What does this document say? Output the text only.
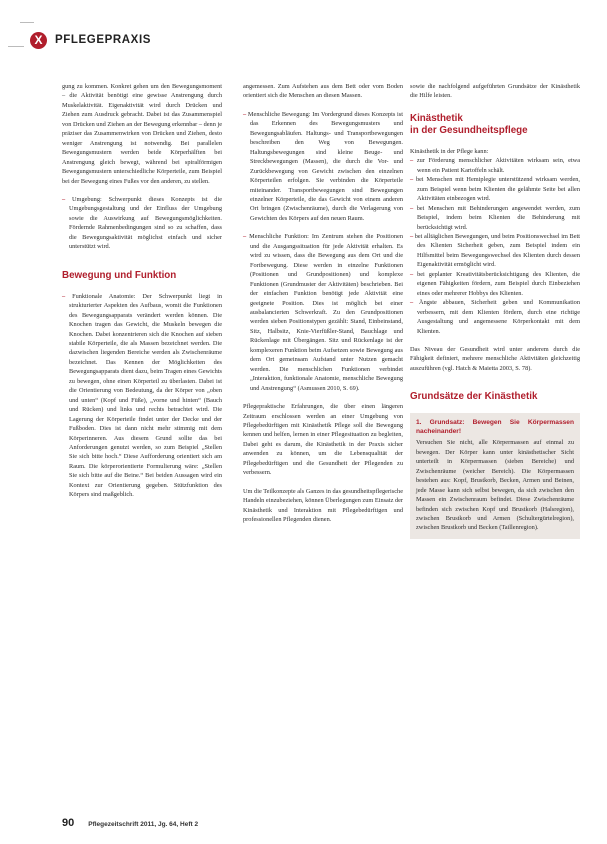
X	PFLEGEPRAXIS

gung zu kommen. Konkret gehen um den Bewegungsmoment – die Aktivität benötigt eine gewisse Anstrengung durch Muskelaktivität. Eigenaktivität wird durch Drücken und Ziehen zum Ausdruck gebracht. Dabei ist das Zusammenspiel von Drücken und Ziehen an der Bewegung erkennbar – denn je präziser das Zusammenwirken von Drücken und Ziehen, desto weniger Anstrengung ist notwendig. Bei parallelen Bewegungsmustern werden beide Körperhälften bei Anstrengung gleich bewegt, während bei spiralförmigen Bewegungsmustern unterschiedliche Körperteile, zum Beispiel bei der Bewegung eines Fußes vor den anderen, zu stellen.

– Umgebung: Schwerpunkt dieses Konzepts ist die Umgebungsgestaltung und der Einfluss der Umgebung sowie die Auswirkung auf Bewegungsmöglichkeiten. Fördernde Rahmenbedingungen sind so zu schaffen, dass die Bewegungsaktivität möglichst einfach und sicher unterstützt wird.

Bewegung und Funktion

– Funktionale Anatomie: Der Schwerpunkt liegt in strukturierter Aspekten des Aufbaus, womit die Funktionen des Bewegungsapparats verändert werden können. Die Knochen tragen das Gewicht, die Muskeln bewegen die Knochen. Dabei konzentrieren sich die Knochen auf sieben stabile Körperteile, die als Massen bezeichnet werden. Die dazwischen liegenden Bereiche werden als Zwischenräume bezeichnet. Das Kennen der Möglichkeiten des Bewegungsapparats dient dazu, beim Tragen eines Gewichts zu bewegen, ohne einen Körperteil zu überlasten. Dabei ist die Orientierung von Bedeutung, da der Körper von „oben und unten“ (Kopf und Füße), „vorne und hinten“ (Bauch und Rücken) und links und rechts betrachtet wird. Die Lagerung der Körperteile findet unter der Decke und der Fußboden. Dies ist dann nicht mehr stimmig mit dem Körperinneren. Aus diesem Grund sollte das bei Anforderungen genutzt werden, so zum Beispiel „Stellen Sie sich bitte hoch.“ Diese Aufforderung orientiert sich am Raum. Die körperorientierte Formulierung wäre: „Stellen Sie sich bitte auf die Beine.“ Bei beiden Aussagen wird ein Kontext zur Orientierung gegeben. Stützfunktion des Körpers sind maßgeblich.

angemessen. Zum Aufstehen aus dem Bett oder vom Boden orientiert sich die Menschen an diesen Massen.

– Menschliche Bewegung: Im Vordergrund dieses Konzepts ist das Erkennen des Bewegungsmusters und Bewegungsabläufen. Haltungs- und Transportbewegungen beschreiben den Weg von Bewegungen. Haltungsbewegungen sind kleine Beuge- und Streckbewegungen (Massen), die durch die Vor- und Zurückbewegung von Gewicht zwischen den einzelnen Körperteilen erfolgen. Sie verbinden die Körperteile miteinander. Transportbewegungen sind Bewegungen einzelner Körperteile, die das Gewicht von einem anderen Ort bringen (Zwischenräume), durch die Verlagerung von Gewichten des Körpers auf den neuen Raum.

– Menschliche Funktion: Im Zentrum stehen die Positionen und die Ausgangssituation für jede Aktivität erhalten. Es wird zu wissen, dass die Bewegung aus dem Ort und die Fortbewegung. Diese werden in einzelne Funktionen (Positionen und Grundpositionen) und komplexe Funktionen (Grundmuster der Aktivitäten) beschrieben. Bei der einfachen Funktion benötigt jede Aktivität eine geeignete Position. Dies ist möglich bei einer ausbalancierten Schwerkraft. Zu den Grundpositionen werden sieben Positionstypen gezählt: Stand, Einbeinstand, Sitz, Halbsitz, Knie-Vierfüßler-Stand, Bauchlage und Rückenlage mit Übergängen. Sitz und Rückenlage ist der komplexeren Funktion beim Aufsetzen sowie Bewegung aus dem Ort gemeinsam Aufstand unter Nutzen gemacht werden. Die menschlichen Funktionen verbindet „Interaktion, funktionale Anatomie, menschliche Bewegung und Anstrengung“ (Asmussen 2010, S. 69).

Pflegepraktische Erfahrungen, die über einen längeren Zeitraum erschlossen werden an einer Umgebung von Pflegebedürftigen mit Kinästhetik Pflege soll die Bewegung kennen und helfen, lernen in einer Pflegesituation zu begleiten, Dabei geht es darum, die Kinästhetik in der Praxis sicher anwenden zu können, um die Lebensqualität der Pflegebedürftigen und die Gesundheit der Pflegenden zu verbessern.

Um die Teilkonzepte als Ganzes in das gesundheitspflegerische Handeln einzubeziehen, können Überlegungen zum Einsatz der Kinästhetik und Interaktion mit Pflegebedürftigen und professionellen Pflegenden dienen.

sowie die nachfolgend aufgeführten Grundsätze der Kinästhetik die Hilfe leisten.

Kinästhetik
in der Gesundheitspflege

Kinästhetik in der Pflege kann:

– zur Förderung menschlicher Aktivitäten wirksam sein, etwa wenn ein Patient Kartoffeln schält.
– bei Menschen mit Hemiplegie unterstützend wirksam werden, zum Beispiel wenn beim Klienten die gelähmte Seite bei allen Aktivitäten einbezogen wird.
– bei Menschen mit Behinderungen angewendet werden, zum Beispiel, indem beim Klienten die Behinderung mit berücksichtigt wird.
– bei alltäglichen Bewegungen, und beim Positionswechsel im Bett des Klienten Sicherheit geben, zum Beispiel indem ein Hilfsmittel beim Bewegungswechsel des Klienten durch dessen Eigenaktivität ermöglicht wird.
– bei geplanter Kreativitätsberücksichtigung des Klienten, die eigenen Fähigkeiten fördern, zum Beispiel durch Einbeziehen eines oder mehrerer Hobbys des Klienten.
– Ängste abbauen, Sicherheit geben und Kommunikation verbessern, mit dem Klienten fördern, durch eine richtige Ausgestaltung und angemessene Körperkontakt mit dem Klienten.

Das Niveau der Gesundheit wird unter anderem durch die Fähigkeit definiert, mehrere menschliche Aktivitäten gleichzeitig auszuführen (vgl. Hatch & Maietta 2003, S. 78).

Grundsätze der Kinästhetik
1. Grundsatz: Bewegen Sie Körpermassen nacheinander!
Versuchen Sie nicht, alle Körpermassen auf einmal zu bewegen. Der Körper kann unter kinästhetischer Sicht unterteilt in Körpermassen (sieben Bereiche) und Zwischenräume (weicher Bereich). Die Körpermassen bestehen aus: Kopf, Brustkorb, Becken, Armen und Beinen, jede Masse kann sich selbst bewegen, da sich zwischen den Massen ein Zwischenraum befindet. Diese Zwischenräume befinden sich zwischen Kopf und Brustkorb (Halsregion), zwischen Brustkorb und Armen (Schultergürtelregion), zwischen Brustkorb und Becken (Taillenregion).
90 Pflegezeitschrift 2011, Jg. 64, Heft 2
